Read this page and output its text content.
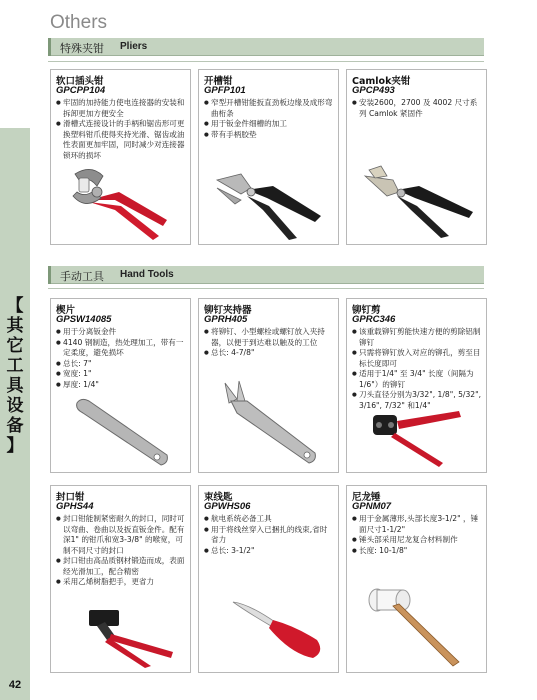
【
其
它
工
具
设
备
】
42
Others
特殊夹钳 Pliers
软口插头钳
GPCPP104
● 牢固的加持能力使电连接器的安装和拆卸更加方便安全
● 滑槽式连接设计的手柄和锯齿形可更换塑料钳爪使得夹持光滑、锯齿或油性表面更加牢固，同时减少对连接器锁环的损坏
开槽钳
GPFP101
● 窄型开槽钳能扳直劲板边缘及成形弯曲桁条
● 用于钣金件细槽的加工
● 带有手柄胶垫
Camlok夹钳
GPCP493
● 安装2600，2700 及 4002 尺寸系列 Camlok 紧固件
手动工具 Hand Tools
楔片
GPSW14085
● 用于分离钣金件
● 4140 钢制造，热处理加工，带有一定柔度，避免损坏
● 总长: 7"
● 宽度: 1"
● 厚度: 1/4"
铆钉夹持器
GPRH405
● 将铆钉、小型螺栓或螺钉放入夹持器，以便于到达难以触及的工位
● 总长: 4-7/8"
铆钉剪
GPRC346
● 该重载铆钉剪能快速方便的剪除铝制铆钉
● 只需将铆钉放入对应的铆孔，剪至目标长度即可
● 适用于1/4" 至 3/4" 长度（间隔为1/6"）的铆钉
● 刀头直径分别为3/32", 1/8", 5/32", 3/16", 7/32" 和1/4"
封口钳
GPHS44
● 封口钳能制紧密耐久的封口，同时可以弯曲、卷曲以及扳直钣金件。配有深1" 的钳爪和宽3-3/8" 的喉宽，可制不同尺寸的封口
● 封口钳由高品质钢材锻造而成，表面经光滑加工，配合精密
● 采用乙烯树脂把手，更省力
束线匙
GPWHS06
● 航电系统必备工具
● 用于将线丝穿入已捆扎的线束,省时省力
● 总长: 3-1/2"
尼龙锤
GPNM07
● 用于金属薄形,头部长度3-1/2" ，锤面尺寸1-1/2"
● 锤头部采用尼龙复合材料制作
● 长度: 10-1/8"
